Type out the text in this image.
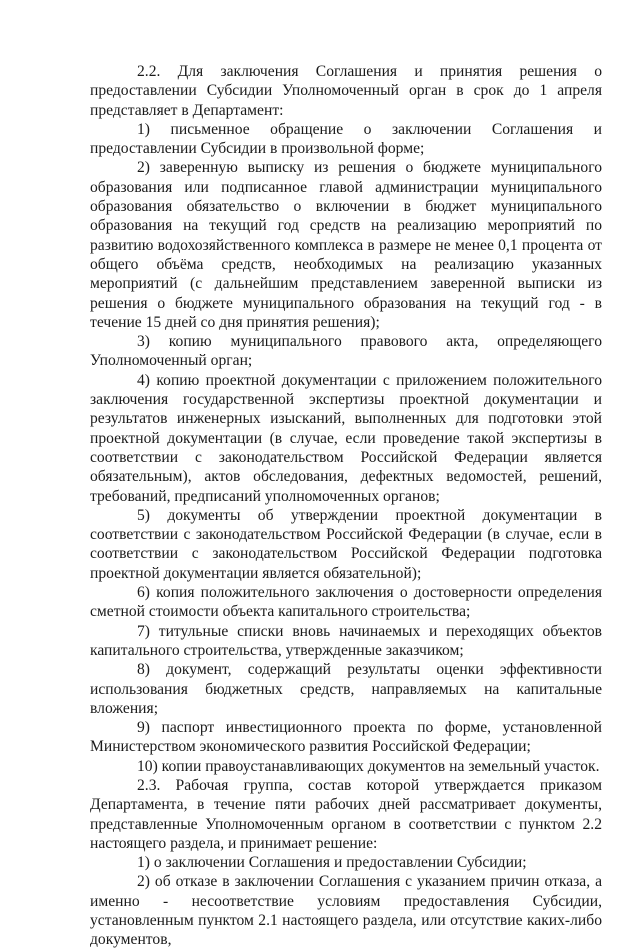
2.2. Для заключения Соглашения и принятия решения о предоставлении Субсидии Уполномоченный орган в срок до 1 апреля представляет в Департамент:

1) письменное обращение о заключении Соглашения и предоставлении Субсидии в произвольной форме;

2) заверенную выписку из решения о бюджете муниципального образования или подписанное главой администрации муниципального образования обязательство о включении в бюджет муниципального образования на текущий год средств на реализацию мероприятий по развитию водохозяйственного комплекса в размере не менее 0,1 процента от общего объёма средств, необходимых на реализацию указанных мероприятий (с дальнейшим представлением заверенной выписки из решения о бюджете муниципального образования на текущий год - в течение 15 дней со дня принятия решения);

3) копию муниципального правового акта, определяющего Уполномоченный орган;

4) копию проектной документации с приложением положительного заключения государственной экспертизы проектной документации и результатов инженерных изысканий, выполненных для подготовки этой проектной документации (в случае, если проведение такой экспертизы в соответствии с законодательством Российской Федерации является обязательным), актов обследования, дефектных ведомостей, решений, требований, предписаний уполномоченных органов;

5) документы об утверждении проектной документации в соответствии с законодательством Российской Федерации (в случае, если в соответствии с законодательством Российской Федерации подготовка проектной документации является обязательной);

6) копия положительного заключения о достоверности определения сметной стоимости объекта капитального строительства;

7) титульные списки вновь начинаемых и переходящих объектов капитального строительства, утвержденные заказчиком;

8) документ, содержащий результаты оценки эффективности использования бюджетных средств, направляемых на капитальные вложения;

9) паспорт инвестиционного проекта по форме, установленной Министерством экономического развития Российской Федерации;

10) копии правоустанавливающих документов на земельный участок.

2.3. Рабочая группа, состав которой утверждается приказом Департамента, в течение пяти рабочих дней рассматривает документы, представленные Уполномоченным органом в соответствии с пунктом 2.2 настоящего раздела, и принимает решение:

1) о заключении Соглашения и предоставлении Субсидии;

2) об отказе в заключении Соглашения с указанием причин отказа, а именно - несоответствие условиям предоставления Субсидии, установленным пунктом 2.1 настоящего раздела, или отсутствие каких-либо документов,
